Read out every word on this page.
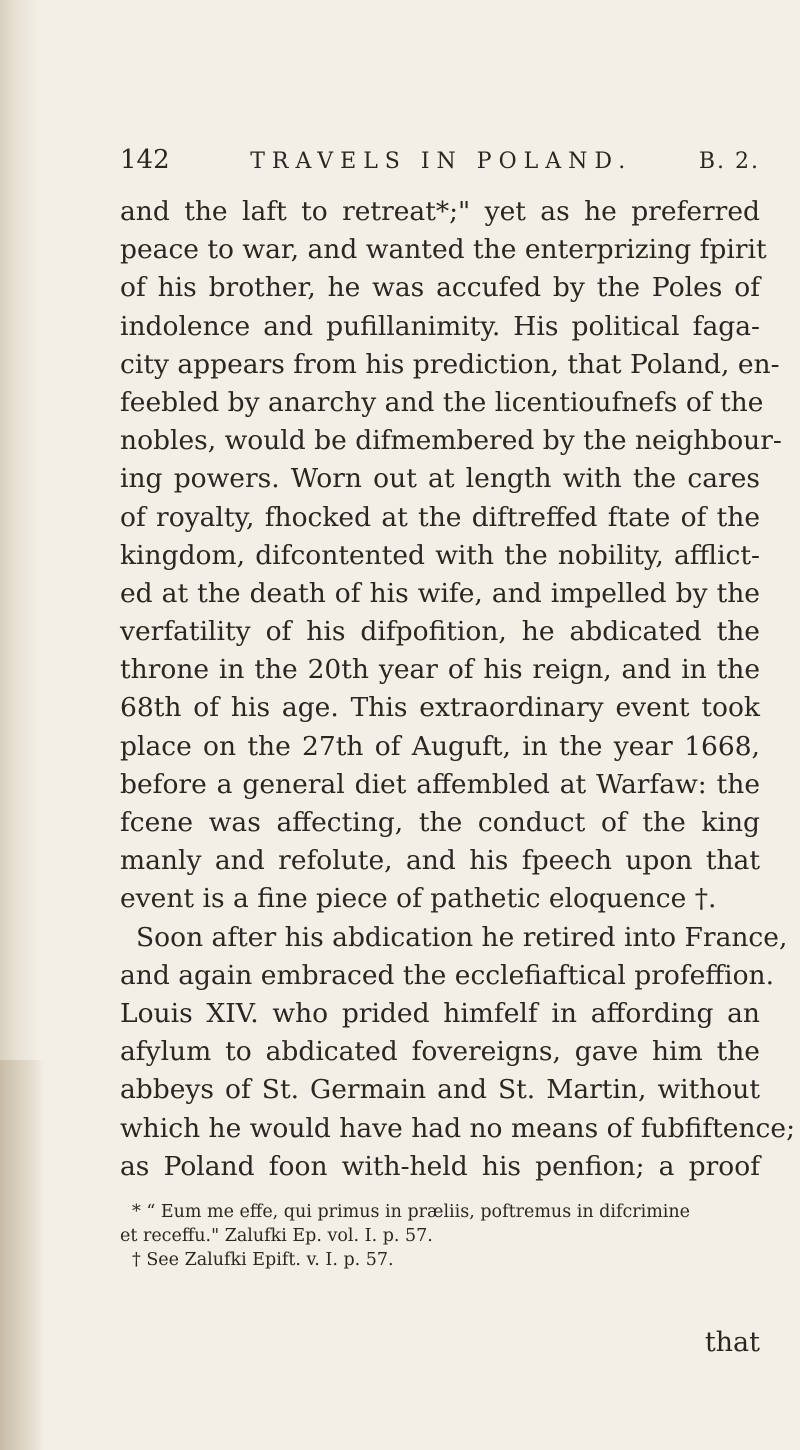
142	TRAVELS IN POLAND.	B. 2.
and the laft to retreat*;" yet as he preferred
peace to war, and wanted the enterprizing fpirit
of his brother, he was accufed by the Poles of
indolence and pufillanimity. His political faga-
city appears from his prediction, that Poland, en-
feebled by anarchy and the licentioufnefs of the
nobles, would be difmembered by the neighbour-
ing powers. Worn out at length with the cares
of royalty, fhocked at the diftreffed ftate of the
kingdom, difcontented with the nobility, afflict-
ed at the death of his wife, and impelled by the
verfatility of his difpofition, he abdicated the
throne in the 20th year of his reign, and in the
68th of his age. This extraordinary event took
place on the 27th of Auguft, in the year 1668,
before a general diet affembled at Warfaw: the
fcene was affecting, the conduct of the king
manly and refolute, and his fpeech upon that
event is a fine piece of pathetic eloquence †.
Soon after his abdication he retired into France,
and again embraced the ecclefiaftical profeffion.
Louis XIV. who prided himfelf in affording an
afylum to abdicated fovereigns, gave him the
abbeys of St. Germain and St. Martin, without
which he would have had no means of fubfiftence;
as Poland foon with-held his penfion; a proof
* “ Eum me effe, qui primus in præliis, poftremus in difcrimine
et receffu." Zalufki Ep. vol. I. p. 57.
† See Zalufki Epift. v. I. p. 57.
that
